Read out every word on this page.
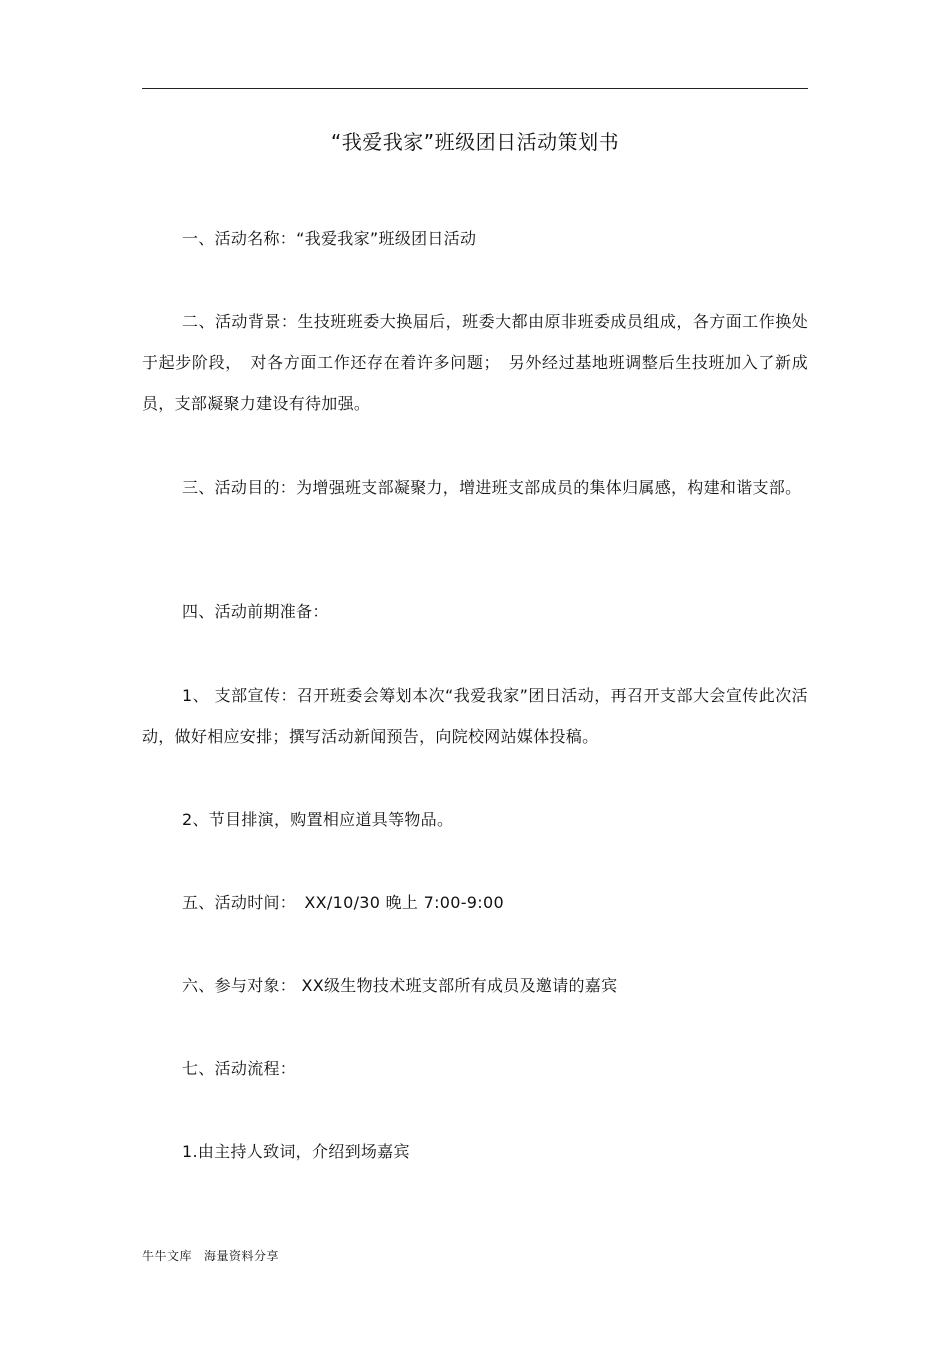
“我爱我家”班级团日活动策划书
一、活动名称：“我爱我家”班级团日活动
二、活动背景：生技班班委大换届后，班委大都由原非班委成员组成，各方面工作换处于起步阶段，　对各方面工作还存在着许多问题；　另外经过基地班调整后生技班加入了新成员，支部凝聚力建设有待加强。
三、活动目的：为增强班支部凝聚力，增进班支部成员的集体归属感，构建和谐支部。
四、活动前期准备：
1、 支部宣传：召开班委会筹划本次“我爱我家”团日活动，再召开支部大会宣传此次活动，做好相应安排；撰写活动新闻预告，向院校网站媒体投稿。
2、节目排演，购置相应道具等物品。
五、活动时间：　XX/10/30 晚上 7:00-9:00
六、参与对象： XX级生物技术班支部所有成员及邀请的嘉宾
七、活动流程：
1.由主持人致词，介绍到场嘉宾
牛牛文库 海量资料分享
